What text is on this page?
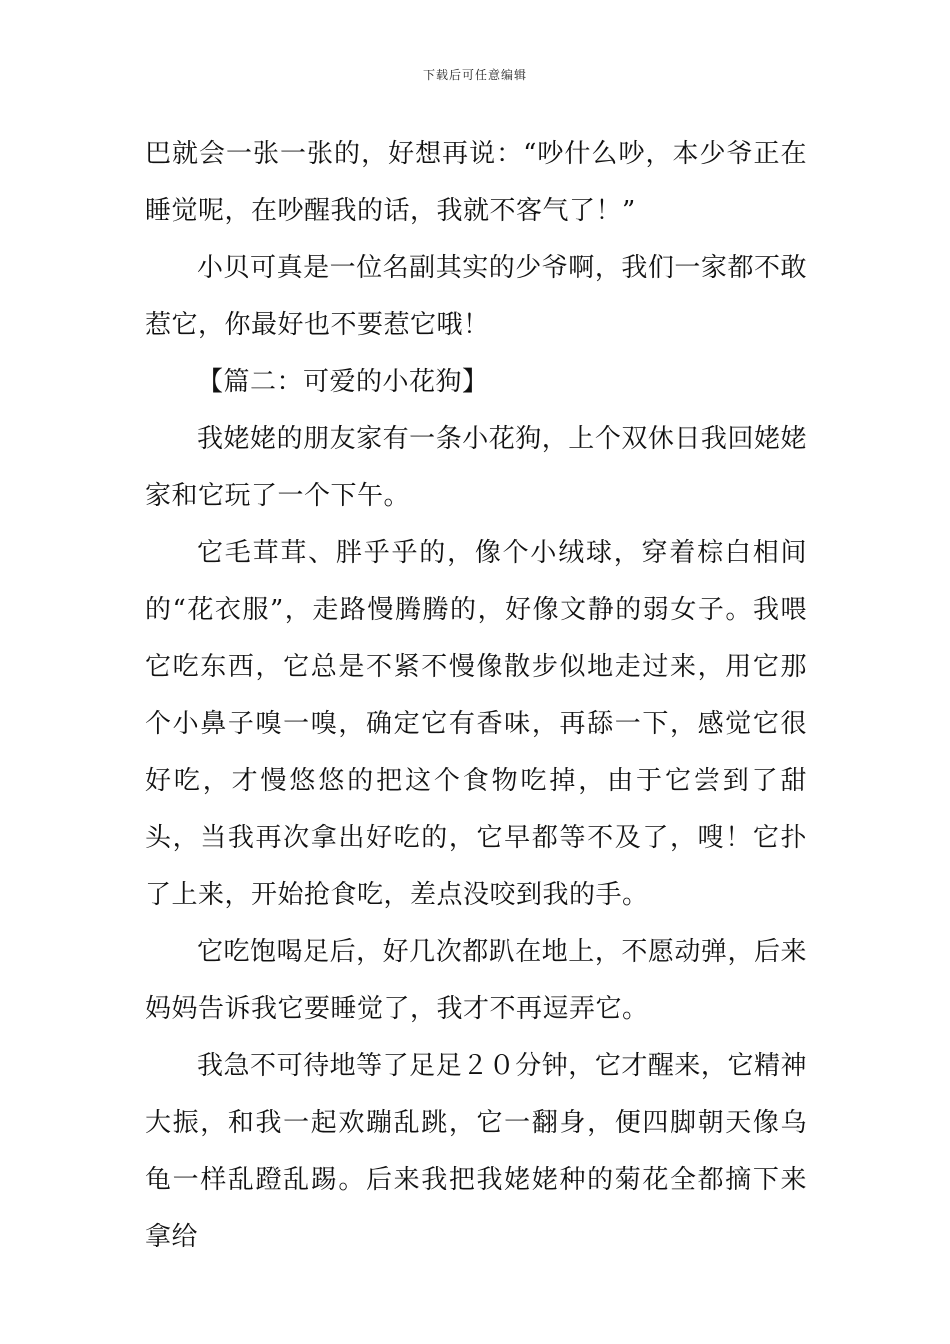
下载后可任意编辑

巴就会一张一张的，好想再说：“吵什么吵，本少爷正在睡觉呢，在吵醒我的话，我就不客气了！”

小贝可真是一位名副其实的少爷啊，我们一家都不敢惹它，你最好也不要惹它哦！

【篇二：可爱的小花狗】

我姥姥的朋友家有一条小花狗，上个双休日我回姥姥家和它玩了一个下午。

它毛茸茸、胖乎乎的，像个小绒球，穿着棕白相间的“花衣服”，走路慢腾腾的，好像文静的弱女子。我喂它吃东西，它总是不紧不慢像散步似地走过来，用它那个小鼻子嗅一嗅，确定它有香味，再舔一下，感觉它很好吃，才慢悠悠的把这个食物吃掉，由于它尝到了甜头，当我再次拿出好吃的，它早都等不及了，嗖！它扑了上来，开始抢食吃，差点没咬到我的手。

它吃饱喝足后，好几次都趴在地上，不愿动弹，后来妈妈告诉我它要睡觉了，我才不再逗弄它。

我急不可待地等了足足２０分钟，它才醒来，它精神大振，和我一起欢蹦乱跳，它一翻身，便四脚朝天像乌龟一样乱蹬乱踢。后来我把我姥姥种的菊花全都摘下来拿给
